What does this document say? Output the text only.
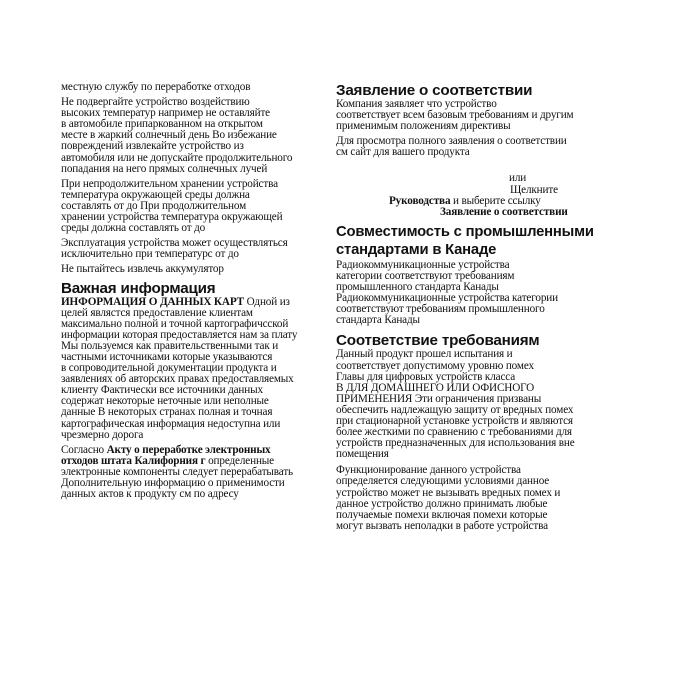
местную службу по переработке отходов
Не подвергайте устройство воздействию
высоких температур например не оставляйте
в автомобиле припаркованном на открытом
месте в жаркий солнечный день Во избежание
повреждений извлекайте устройство из
автомобиля или не допускайте продолжительного
попадания на него прямых солнечных лучей
При непродолжительном хранении устройства
температура окружающей среды должна
составлять от до При продолжительном
хранении устройства температура окружающей
среды должна составлять от до
Эксплуатация устройства может осуществляться
исключительно при температурс от до
Не пытайтесь извлечь аккумулятор
Важная информация
ИНФОРМАЦИЯ О ДАННЫХ КАРТ Одной из
целей являстся предоставление клиентам
максимально полной и точной картографичсской
информации которая предоставляется нам за плату
Мы пользуемся как правительственными так и
частными источниками которые указываются
в сопроводительной документации продукта и
заявлениях об авторских правах предоставляемых
клиенту Фактически все источники данных
содержат некоторые неточные или неполные
данные В некоторых странах полная и точная
картографическая информация недоступна или
чрезмерно дорога
Согласно Акту о переработке электронных
отходов штата Калифорния г определенные
электронные компоненты следует перерабатывать
Дополнительную информацию о применимости
данных актов к продукту см по адресу
Заявление о соответствии
Компания заявляет что устройство
соответствует всем базовым требованиям и другим
применимым положениям директивы
Для просмотра полного заявления о соответствии
см сайт для вашего продукта
или
Щелкните
Руководства и выберите ссылку
Заявление о соответствии
Совместимость с промышленными
стандартами в Канаде
Радиокоммуникационные устройства
категории соответствуют требованиям
промышленного стандарта Канады
Радиокоммуникационные устройства категории
соответствуют требованиям промышленного
стандарта Канады
Соответствие требованиям
Данный продукт прошел испытания и
соответствует допустимому уровню помех
Главы для цифровых устройств класса
В ДЛЯ ДОМАШНЕГО ИЛИ ОФИСНОГО
ПРИМЕНЕНИЯ Эти ограничения призваны
обеспечить надлежащую защиту от вредных помех
при стационарной установке устройств и являются
более жесткими по сравнению с требованиями для
устройств предназначенных для использования вне
помещения
Функционирование данного устройства
определяется следующими условиями данное
устройство может не вызывать вредных помех и
данное устройство должно принимать любые
получаемые помехи включая помехи которые
могут вызвать неполадки в работе устройства
